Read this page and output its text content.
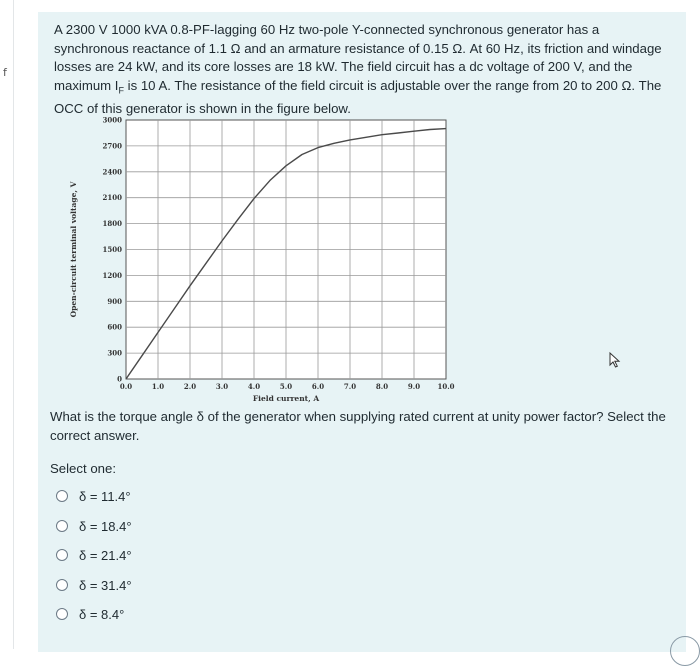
f
A 2300 V 1000 kVA 0.8-PF-lagging 60 Hz two-pole Y-connected synchronous generator has a synchronous reactance of 1.1 Ω and an armature resistance of 0.15 Ω. At 60 Hz, its friction and windage losses are 24 kW, and its core losses are 18 kW. The field circuit has a dc voltage of 200 V, and the maximum $I_F$ is 10 A. The resistance of the field circuit is adjustable over the range from 20 to 200 Ω. The OCC of this generator is shown in the figure below.
0.0	1.0	2.0	3.0	4.0	5.0	6.0	7.0	8.0	9.0 10.0
0
300
600
900
1200
1500
1800
2100
2400
2700
3000
Field current, A
Open-circuit terminal voltage, V
What is the torque angle δ of the generator when supplying rated current at unity power factor? Select the correct answer.
Select one:
δ = 11.4°
δ = 18.4°
δ = 21.4°
δ = 31.4°
δ = 8.4°
